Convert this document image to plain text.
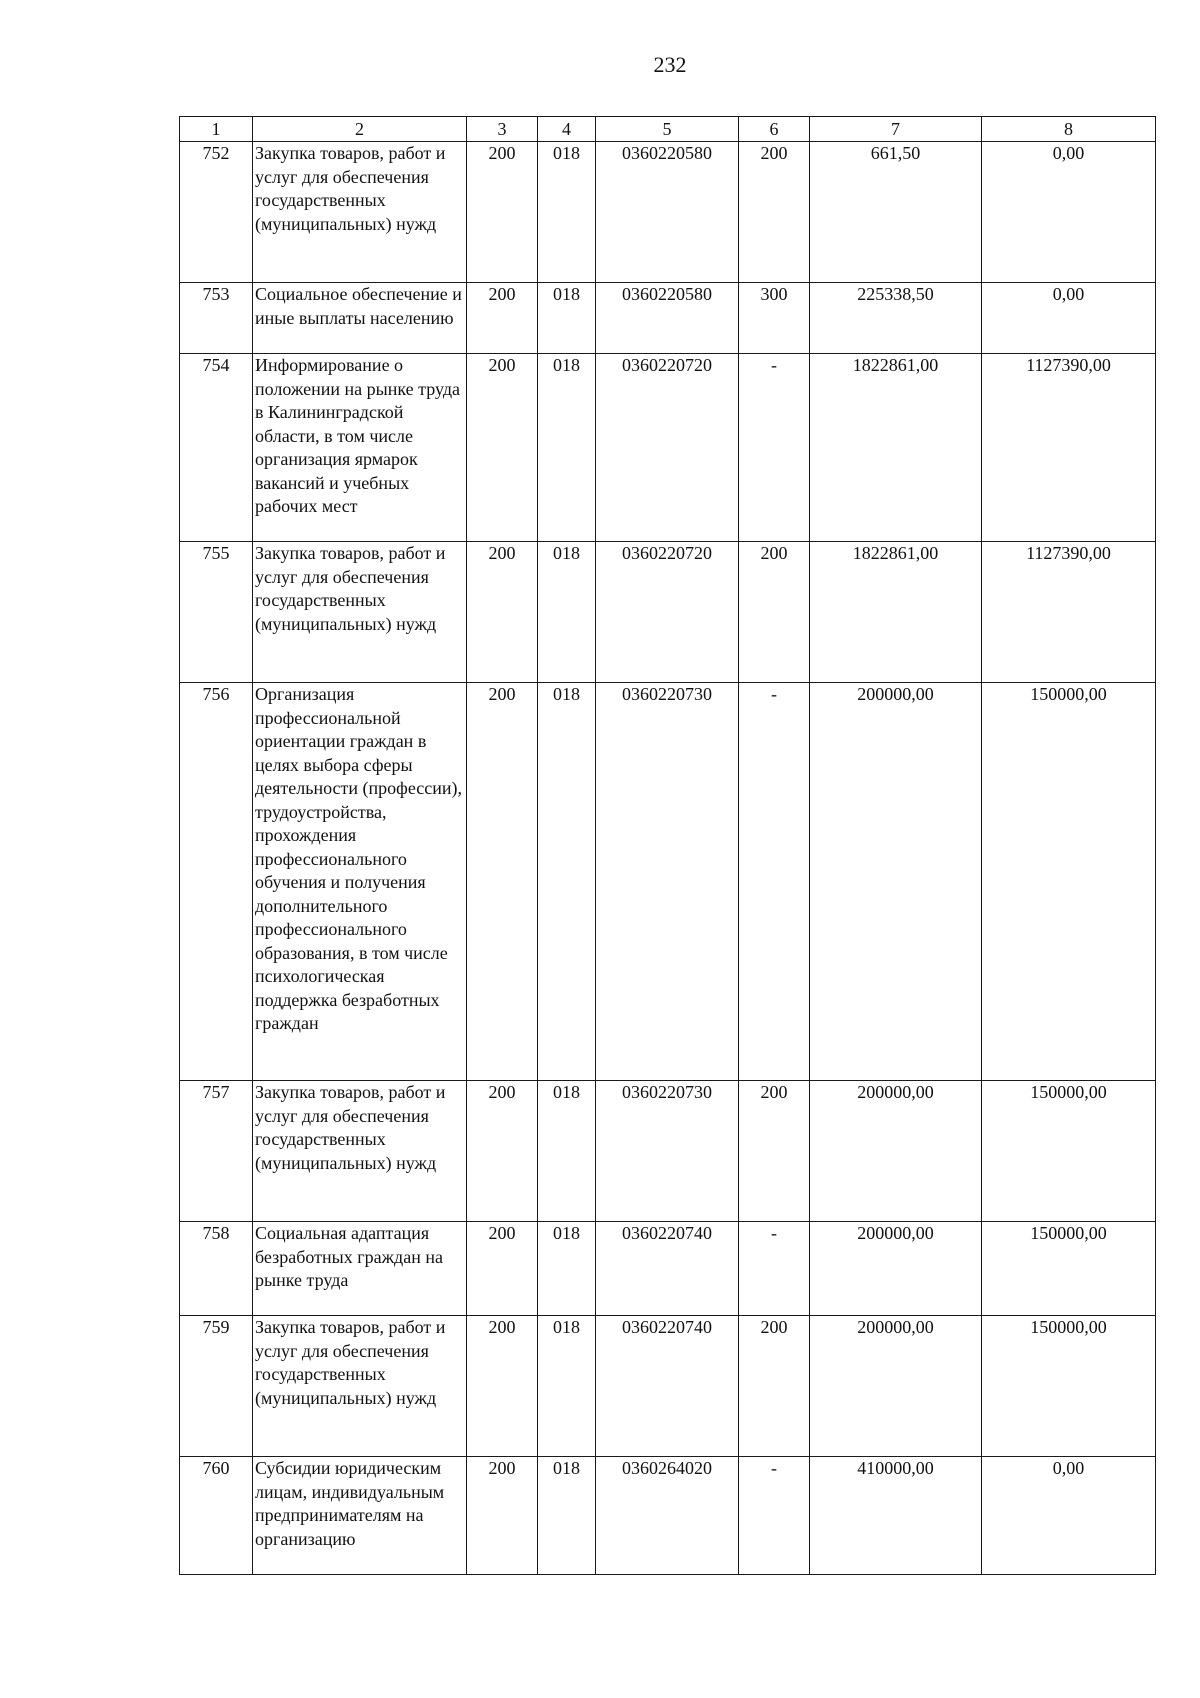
232
1	2	3	4	5	6	7	8
752	Закупка товаров, работ и услуг для обеспечения государственных (муниципальных) нужд	200	018	0360220580	200	661,50	0,00
753	Социальное обеспечение и иные выплаты населению	200	018	0360220580	300	225338,50	0,00
754	Информирование о положении на рынке труда в Калининградской области, в том числе организация ярмарок вакансий и учебных рабочих мест	200	018	0360220720	-	1822861,00	1127390,00
755	Закупка товаров, работ и услуг для обеспечения государственных (муниципальных) нужд	200	018	0360220720	200	1822861,00	1127390,00
756	Организация профессиональной ориентации граждан в целях выбора сферы деятельности (профессии), трудоустройства, прохождения профессионального обучения и получения дополнительного профессионального образования, в том числе психологическая поддержка безработных граждан	200	018	0360220730	-	200000,00	150000,00
757	Закупка товаров, работ и услуг для обеспечения государственных (муниципальных) нужд	200	018	0360220730	200	200000,00	150000,00
758	Социальная адаптация безработных граждан на рынке труда	200	018	0360220740	-	200000,00	150000,00
759	Закупка товаров, работ и услуг для обеспечения государственных (муниципальных) нужд	200	018	0360220740	200	200000,00	150000,00
760	Субсидии юридическим лицам, индивидуальным предпринимателям на организацию	200	018	0360264020	-	410000,00	0,00
